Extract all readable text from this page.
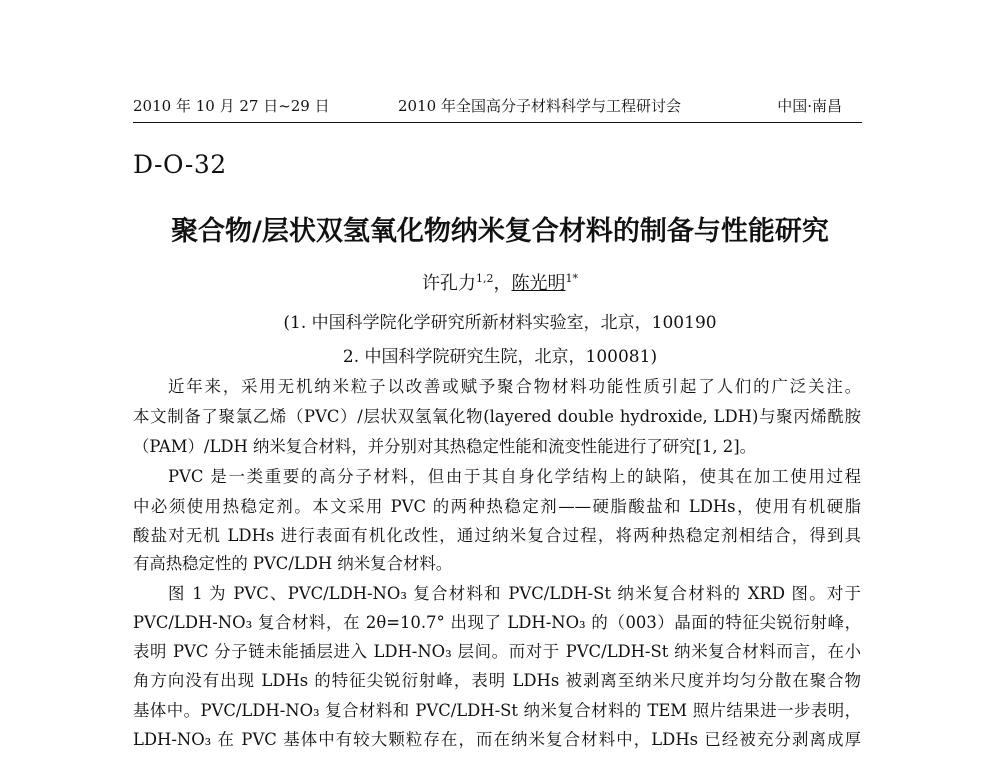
2010 年 10 月 27 日~29 日	2010 年全国高分子材料科学与工程研讨会	中国·南昌
D-O-32
聚合物/层状双氢氧化物纳米复合材料的制备与性能研究
许孔力$^{1,2}$，陈光明$^{1*}$
(1. 中国科学院化学研究所新材料实验室，北京，100190
2. 中国科学院研究生院，北京，100081)
近年来，采用无机纳米粒子以改善或赋予聚合物材料功能性质引起了人们的广泛关注。
本文制备了聚氯乙烯（PVC）/层状双氢氧化物(layered double hydroxide, LDH)与聚丙烯酰胺
（PAM）/LDH 纳米复合材料，并分别对其热稳定性能和流变性能进行了研究[1, 2]。
PVC 是一类重要的高分子材料，但由于其自身化学结构上的缺陷，使其在加工使用过程
中必须使用热稳定剂。本文采用 PVC 的两种热稳定剂——硬脂酸盐和 LDHs，使用有机硬脂
酸盐对无机 LDHs 进行表面有机化改性，通过纳米复合过程，将两种热稳定剂相结合，得到具
有高热稳定性的 PVC/LDH 纳米复合材料。
图 1 为 PVC、PVC/LDH-NO₃ 复合材料和 PVC/LDH-St 纳米复合材料的 XRD 图。对于
PVC/LDH-NO₃ 复合材料，在 2θ=10.7° 出现了 LDH-NO₃ 的（003）晶面的特征尖锐衍射峰，
表明 PVC 分子链未能插层进入 LDH-NO₃ 层间。而对于 PVC/LDH-St 纳米复合材料而言，在小
角方向没有出现 LDHs 的特征尖锐衍射峰，表明 LDHs 被剥离至纳米尺度并均匀分散在聚合物
基体中。PVC/LDH-NO₃ 复合材料和 PVC/LDH-St 纳米复合材料的 TEM 照片结果进一步表明，
LDH-NO₃ 在 PVC 基体中有较大颗粒存在，而在纳米复合材料中，LDHs 已经被充分剥离成厚
